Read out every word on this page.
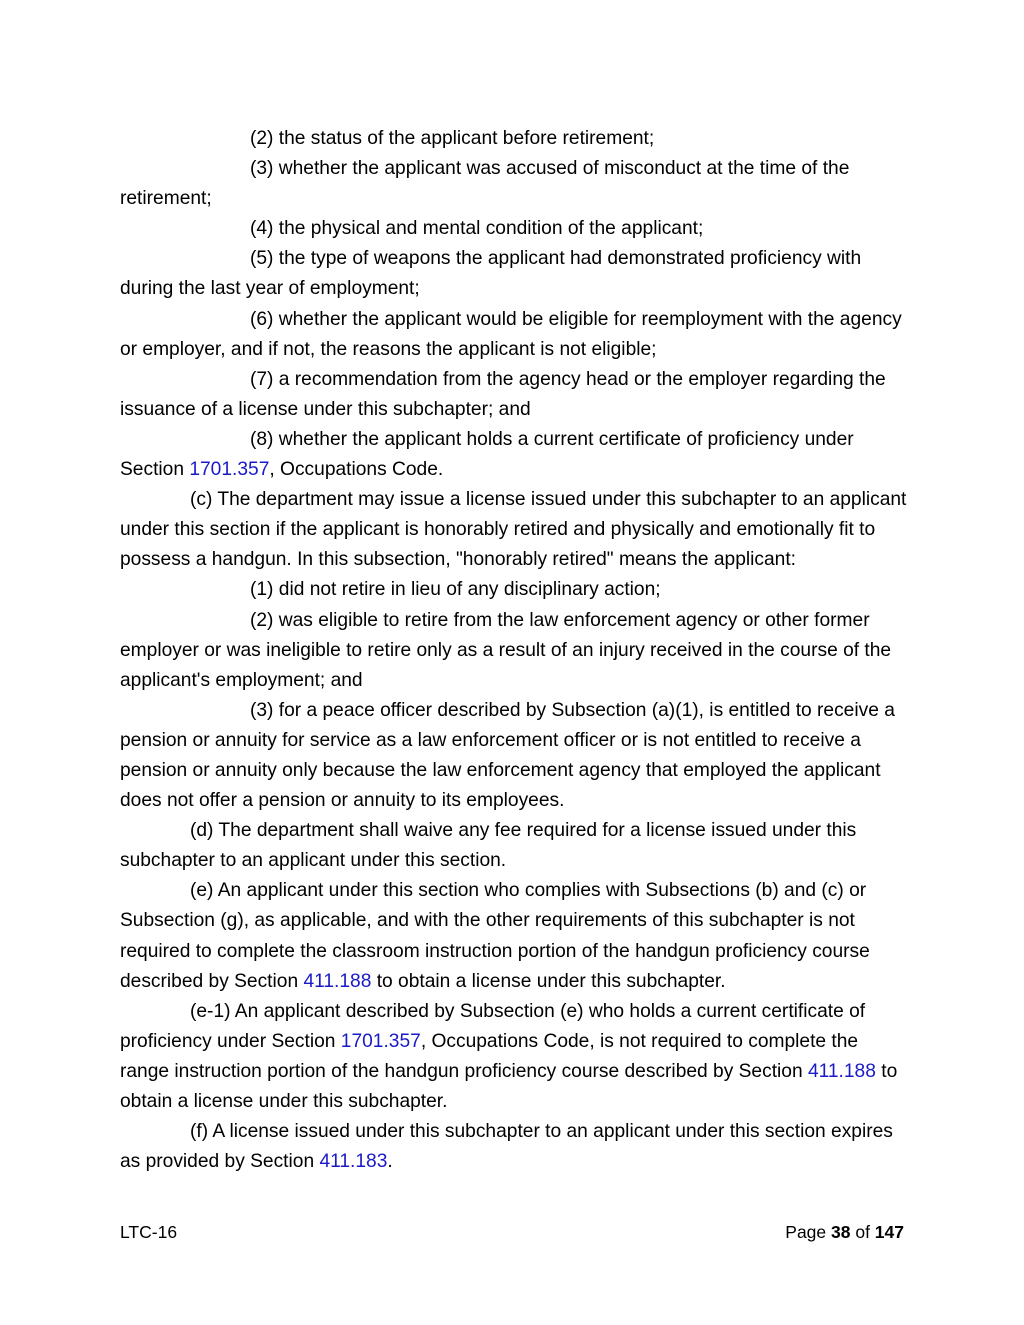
(2) the status of the applicant before retirement;

(3) whether the applicant was accused of misconduct at the time of the retirement;

(4) the physical and mental condition of the applicant;

(5) the type of weapons the applicant had demonstrated proficiency with during the last year of employment;

(6) whether the applicant would be eligible for reemployment with the agency or employer, and if not, the reasons the applicant is not eligible;

(7) a recommendation from the agency head or the employer regarding the issuance of a license under this subchapter; and

(8) whether the applicant holds a current certificate of proficiency under Section 1701.357, Occupations Code.

(c) The department may issue a license issued under this subchapter to an applicant under this section if the applicant is honorably retired and physically and emotionally fit to possess a handgun. In this subsection, "honorably retired" means the applicant:

(1) did not retire in lieu of any disciplinary action;

(2) was eligible to retire from the law enforcement agency or other former employer or was ineligible to retire only as a result of an injury received in the course of the applicant's employment; and

(3) for a peace officer described by Subsection (a)(1), is entitled to receive a pension or annuity for service as a law enforcement officer or is not entitled to receive a pension or annuity only because the law enforcement agency that employed the applicant does not offer a pension or annuity to its employees.

(d) The department shall waive any fee required for a license issued under this subchapter to an applicant under this section.

(e) An applicant under this section who complies with Subsections (b) and (c) or Subsection (g), as applicable, and with the other requirements of this subchapter is not required to complete the classroom instruction portion of the handgun proficiency course described by Section 411.188 to obtain a license under this subchapter.

(e-1) An applicant described by Subsection (e) who holds a current certificate of proficiency under Section 1701.357, Occupations Code, is not required to complete the range instruction portion of the handgun proficiency course described by Section 411.188 to obtain a license under this subchapter.

(f) A license issued under this subchapter to an applicant under this section expires as provided by Section 411.183.

LTC-16	Page 38 of 147
